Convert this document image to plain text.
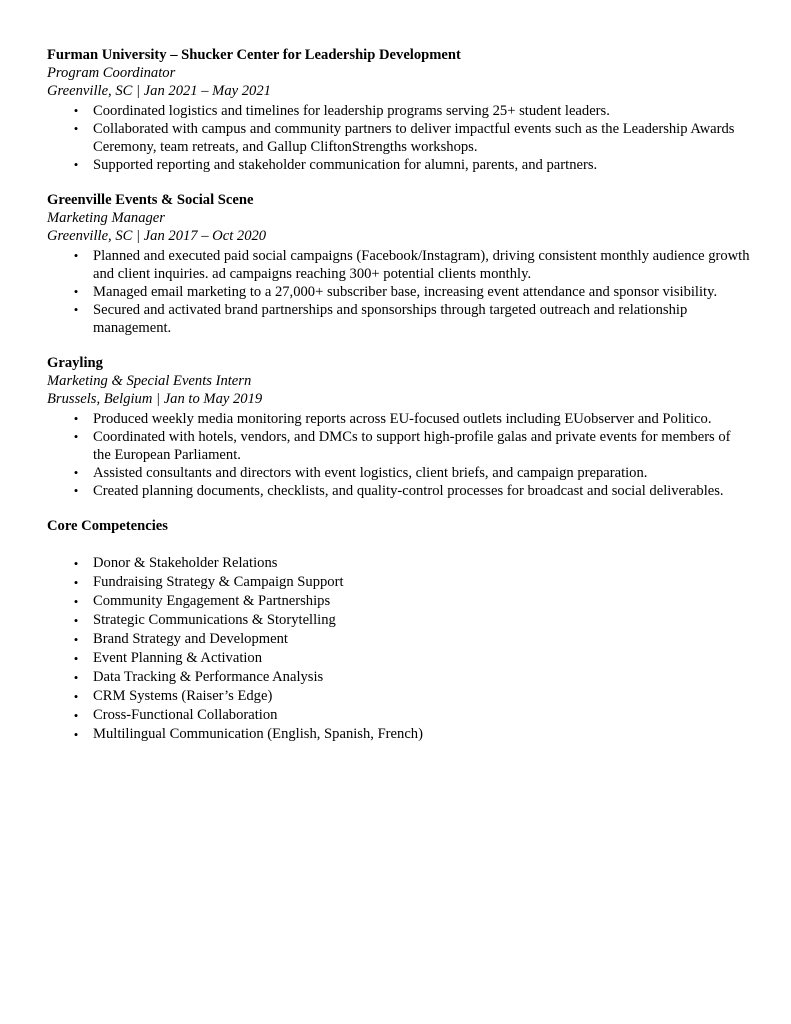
Furman University – Shucker Center for Leadership Development

Program Coordinator

Greenville, SC | Jan 2021 – May 2021

• Coordinated logistics and timelines for leadership programs serving 25+ student leaders.
• Collaborated with campus and community partners to deliver impactful events such as the Leadership Awards Ceremony, team retreats, and Gallup CliftonStrengths workshops.
• Supported reporting and stakeholder communication for alumni, parents, and partners.

Greenville Events & Social Scene

Marketing Manager

Greenville, SC | Jan 2017 – Oct 2020

• Planned and executed paid social campaigns (Facebook/Instagram), driving consistent monthly audience growth and client inquiries. ad campaigns reaching 300+ potential clients monthly.
• Managed email marketing to a 27,000+ subscriber base, increasing event attendance and sponsor visibility.
• Secured and activated brand partnerships and sponsorships through targeted outreach and relationship management.

Grayling

Marketing & Special Events Intern

Brussels, Belgium | Jan to May 2019

• Produced weekly media monitoring reports across EU-focused outlets including EUobserver and Politico.
• Coordinated with hotels, vendors, and DMCs to support high-profile galas and private events for members of the European Parliament.
• Assisted consultants and directors with event logistics, client briefs, and campaign preparation.
• Created planning documents, checklists, and quality-control processes for broadcast and social deliverables.

Core Competencies

• Donor & Stakeholder Relations
• Fundraising Strategy & Campaign Support
• Community Engagement & Partnerships
• Strategic Communications & Storytelling
• Brand Strategy and Development
• Event Planning & Activation
• Data Tracking & Performance Analysis
• CRM Systems (Raiser’s Edge)
• Cross-Functional Collaboration
• Multilingual Communication (English, Spanish, French)
